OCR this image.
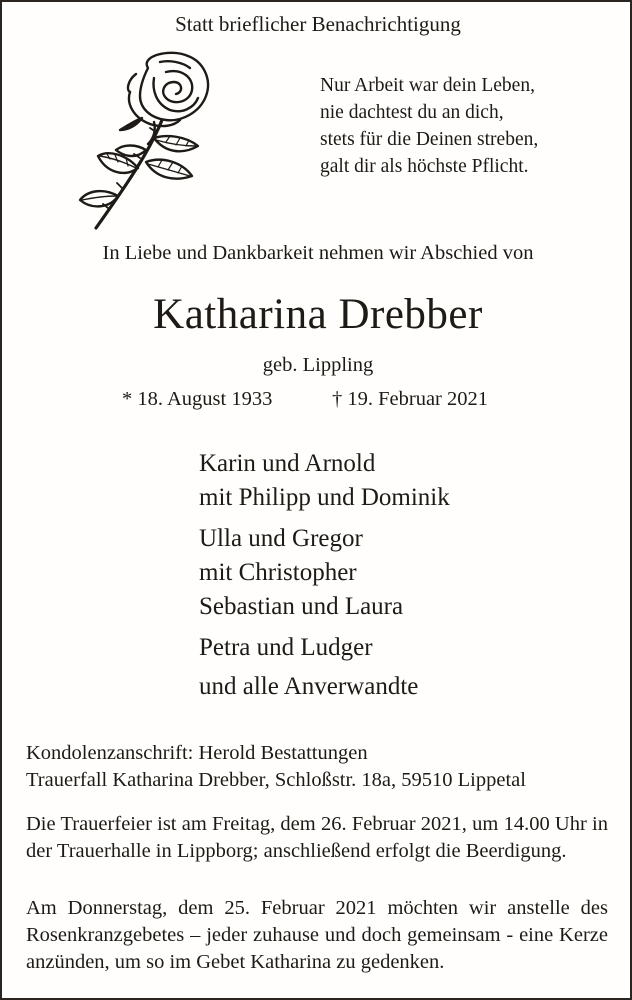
Statt brieflicher Benachrichtigung

Nur Arbeit war dein Leben,
nie dachtest du an dich,
stets für die Deinen streben,
galt dir als höchste Pflicht.

In Liebe und Dankbarkeit nehmen wir Abschied von

Katharina Drebber

geb. Lippling

* 18. August 1933	† 19. Februar 2021

Karin und Arnold
mit Philipp und Dominik
Ulla und Gregor
mit Christopher
Sebastian und Laura
Petra und Ludger
und alle Anverwandte
Kondolenzanschrift: Herold Bestattungen
Trauerfall Katharina Drebber, Schloßstr. 18a, 59510 Lippetal

Die Trauerfeier ist am Freitag, dem 26. Februar 2021, um 14.00 Uhr in der Trauerhalle in Lippborg; anschließend erfolgt die Beerdigung.

Am Donnerstag, dem 25. Februar 2021 möchten wir anstelle des Rosenkranzgebetes – jeder zuhause und doch gemeinsam - eine Kerze anzünden, um so im Gebet Katharina zu gedenken.
